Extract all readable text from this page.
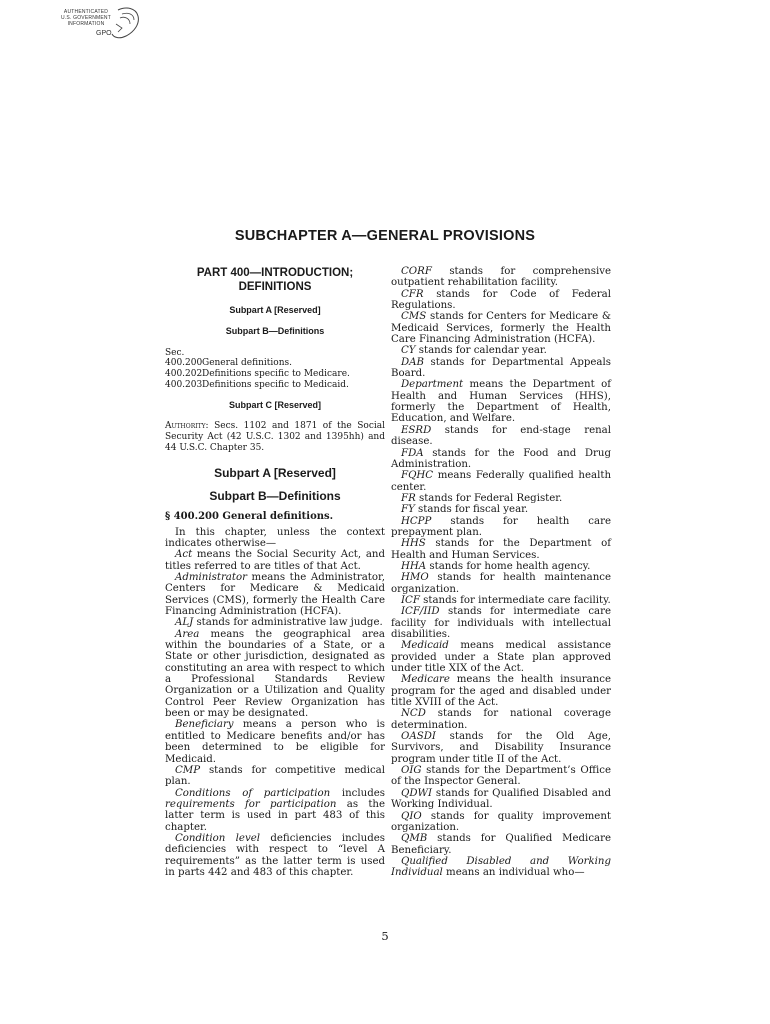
AUTHENTICATED
U.S. GOVERNMENT
INFORMATION
GPO
SUBCHAPTER A—GENERAL PROVISIONS
PART 400—INTRODUCTION;
DEFINITIONS
Subpart A [Reserved]
Subpart B—Definitions
Sec.
400.200 General definitions.
400.202 Definitions specific to Medicare.
400.203 Definitions specific to Medicaid.
Subpart C [Reserved]

Authority: Secs. 1102 and 1871 of the Social Security Act (42 U.S.C. 1302 and 1395hh) and 44 U.S.C. Chapter 35.

Subpart A [Reserved]
Subpart B—Definitions
§ 400.200 General definitions.

In this chapter, unless the context indicates otherwise—

Act means the Social Security Act, and titles referred to are titles of that Act.

Administrator means the Administrator, Centers for Medicare & Medicaid Services (CMS), formerly the Health Care Financing Administration (HCFA).

ALJ stands for administrative law judge.

Area means the geographical area within the boundaries of a State, or a State or other jurisdiction, designated as constituting an area with respect to which a Professional Standards Review Organization or a Utilization and Quality Control Peer Review Organization has been or may be designated.

Beneficiary means a person who is entitled to Medicare benefits and/or has been determined to be eligible for Medicaid.

CMP stands for competitive medical plan.

Conditions of participation includes requirements for participation as the latter term is used in part 483 of this chapter.

Condition level deficiencies includes deficiencies with respect to “level A requirements” as the latter term is used in parts 442 and 483 of this chapter.

CORF stands for comprehensive outpatient rehabilitation facility.

CFR stands for Code of Federal Regulations.

CMS stands for Centers for Medicare & Medicaid Services, formerly the Health Care Financing Administration (HCFA).

CY stands for calendar year.

DAB stands for Departmental Appeals Board.

Department means the Department of Health and Human Services (HHS), formerly the Department of Health, Education, and Welfare.

ESRD stands for end-stage renal disease.

FDA stands for the Food and Drug Administration.

FQHC means Federally qualified health center.

FR stands for Federal Register.

FY stands for fiscal year.

HCPP stands for health care prepayment plan.

HHS stands for the Department of Health and Human Services.

HHA stands for home health agency.

HMO stands for health maintenance organization.

ICF stands for intermediate care facility.

ICF/IID stands for intermediate care facility for individuals with intellectual disabilities.

Medicaid means medical assistance provided under a State plan approved under title XIX of the Act.

Medicare means the health insurance program for the aged and disabled under title XVIII of the Act.

NCD stands for national coverage determination.

OASDI stands for the Old Age, Survivors, and Disability Insurance program under title II of the Act.

OIG stands for the Department’s Office of the Inspector General.

QDWI stands for Qualified Disabled and Working Individual.

QIO stands for quality improvement organization.

QMB stands for Qualified Medicare Beneficiary.

Qualified Disabled and Working Individual means an individual who—

5
